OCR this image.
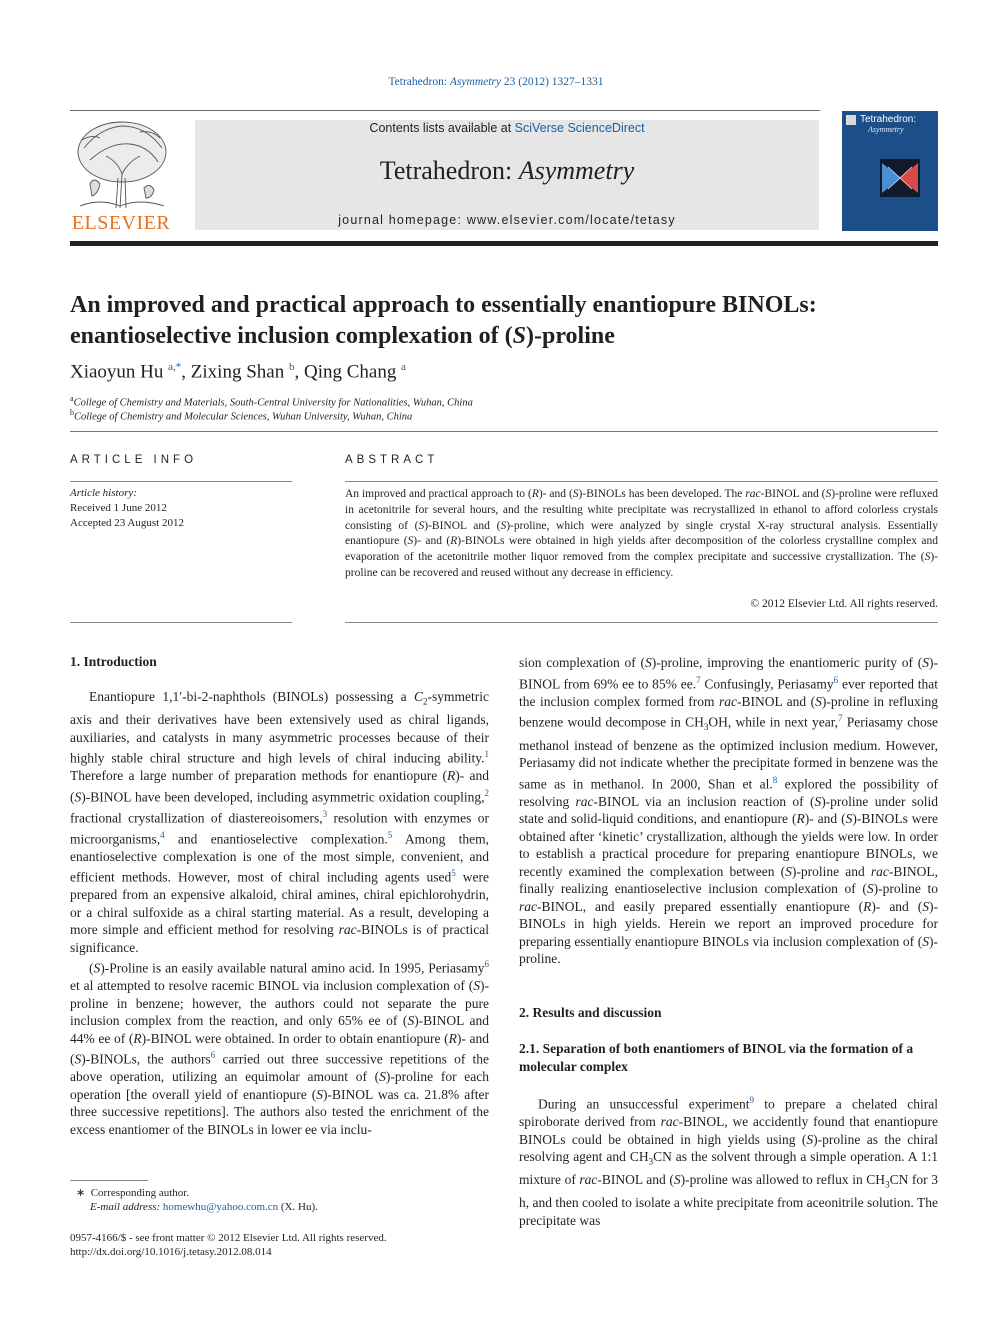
Tetrahedron: Asymmetry 23 (2012) 1327–1331
ELSEVIER
Contents lists available at SciVerse ScienceDirect
Tetrahedron: Asymmetry
journal homepage: www.elsevier.com/locate/tetasy
Tetrahedron:
Asymmetry
An improved and practical approach to essentially enantiopure BINOLs:
enantioselective inclusion complexation of (S)-proline
Xiaoyun Hu $^{a,*}$, Zixing Shan $^b$, Qing Chang $^a$
$^a$College of Chemistry and Materials, South-Central University for Nationalities, Wuhan, China
$^b$College of Chemistry and Molecular Sciences, Wuhan University, Wuhan, China
ARTICLE INFO
Article history:
Received 1 June 2012
Accepted 23 August 2012
ABSTRACT
An improved and practical approach to (R)- and (S)-BINOLs has been developed. The rac-BINOL and (S)-proline were refluxed in acetonitrile for several hours, and the resulting white precipitate was recrystallized in ethanol to afford colorless crystals consisting of (S)-BINOL and (S)-proline, which were analyzed by single crystal X-ray structural analysis. Essentially enantiopure (S)- and (R)-BINOLs were obtained in high yields after decomposition of the colorless crystalline complex and evaporation of the acetonitrile mother liquor removed from the complex precipitate and successive crystallization. The (S)-proline can be recovered and reused without any decrease in efficiency.
© 2012 Elsevier Ltd. All rights reserved.
1. Introduction

Enantiopure 1,1′-bi-2-naphthols (BINOLs) possessing a $C_2$-symmetric axis and their derivatives have been extensively used as chiral ligands, auxiliaries, and catalysts in many asymmetric processes because of their highly stable chiral structure and high levels of chiral inducing ability.$^1$ Therefore a large number of preparation methods for enantiopure (R)- and (S)-BINOL have been developed, including asymmetric oxidation coupling,$^2$ fractional crystallization of diastereoisomers,$^3$ resolution with enzymes or microorganisms,$^4$ and enantioselective complexation.$^5$ Among them, enantioselective complexation is one of the most simple, convenient, and efficient methods. However, most of chiral including agents used$^5$ were prepared from an expensive alkaloid, chiral amines, chiral epichlorohydrin, or a chiral sulfoxide as a chiral starting material. As a result, developing a more simple and efficient method for resolving rac-BINOLs is of practical significance.

(S)-Proline is an easily available natural amino acid. In 1995, Periasamy$^6$ et al attempted to resolve racemic BINOL via inclusion complexation of (S)-proline in benzene; however, the authors could not separate the pure inclusion complex from the reaction, and only 65% ee of (S)-BINOL and 44% ee of (R)-BINOL were obtained. In order to obtain enantiopure (R)- and (S)-BINOLs, the authors$^6$ carried out three successive repetitions of the above operation, utilizing an equimolar amount of (S)-proline for each operation [the overall yield of enantiopure (S)-BINOL was ca. 21.8% after three successive repetitions]. The authors also tested the enrichment of the excess enantiomer of the BINOLs in lower ee via inclu-

∗  Corresponding author.
E-mail address: homewhu@yahoo.com.cn (X. Hu).
0957-4166/$ - see front matter © 2012 Elsevier Ltd. All rights reserved.
http://dx.doi.org/10.1016/j.tetasy.2012.08.014

sion complexation of (S)-proline, improving the enantiomeric purity of (S)-BINOL from 69% ee to 85% ee.$^7$ Confusingly, Periasamy$^6$ ever reported that the inclusion complex formed from rac-BINOL and (S)-proline in refluxing benzene would decompose in $CH_3OH$, while in next year,$^7$ Periasamy chose methanol instead of benzene as the optimized inclusion medium. However, Periasamy did not indicate whether the precipitate formed in benzene was the same as in methanol. In 2000, Shan et al.$^8$ explored the possibility of resolving rac-BINOL via an inclusion reaction of (S)-proline under solid state and solid-liquid conditions, and enantiopure (R)- and (S)-BINOLs were obtained after ‘kinetic’ crystallization, although the yields were low. In order to establish a practical procedure for preparing enantiopure BINOLs, we recently examined the complexation between (S)-proline and rac-BINOL, finally realizing enantioselective inclusion complexation of (S)-proline to rac-BINOL, and easily prepared essentially enantiopure (R)- and (S)-BINOLs in high yields. Herein we report an improved procedure for preparing essentially enantiopure BINOLs via inclusion complexation of (S)-proline.

2. Results and discussion
2.1. Separation of both enantiomers of BINOL via the formation of a molecular complex

During an unsuccessful experiment$^9$ to prepare a chelated chiral spiroborate derived from rac-BINOL, we accidently found that enantiopure BINOLs could be obtained in high yields using (S)-proline as the chiral resolving agent and $CH_3CN$ as the solvent through a simple operation. A 1:1 mixture of rac-BINOL and (S)-proline was allowed to reflux in $CH_3CN$ for 3 h, and then cooled to isolate a white precipitate from aceonitrile solution. The precipitate was
